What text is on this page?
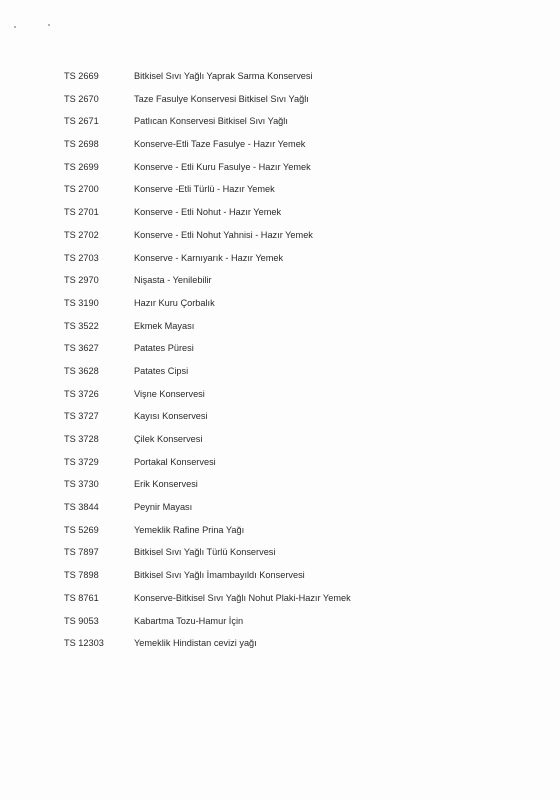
TS 2669	Bitkisel Sıvı Yağlı Yaprak Sarma Konservesi
TS 2670	Taze Fasulye Konservesi Bitkisel Sıvı Yağlı
TS 2671	Patlıcan Konservesi Bitkisel Sıvı Yağlı
TS 2698	Konserve-Etli Taze Fasulye - Hazır Yemek
TS 2699	Konserve - Etli Kuru Fasulye - Hazır Yemek
TS 2700	Konserve -Etli Türlü - Hazır Yemek
TS 2701	Konserve - Etli Nohut - Hazır Yemek
TS 2702	Konserve - Etli Nohut Yahnisi - Hazır Yemek
TS 2703	Konserve - Karnıyarık - Hazır Yemek
TS 2970	Nişasta - Yenilebilir
TS 3190	Hazır Kuru Çorbalık
TS 3522	Ekmek Mayası
TS 3627	Patates Püresi
TS 3628	Patates Cipsi
TS 3726	Vişne Konservesi
TS 3727	Kayısı Konservesi
TS 3728	Çilek Konservesi
TS 3729	Portakal Konservesi
TS 3730	Erik Konservesi
TS 3844	Peynir Mayası
TS 5269	Yemeklik Rafine Prina Yağı
TS 7897	Bitkisel Sıvı Yağlı Türlü Konservesi
TS 7898	Bitkisel Sıvı Yağlı İmambayıldı Konservesi
TS 8761	Konserve-Bitkisel Sıvı Yağlı Nohut Plaki-Hazır Yemek
TS 9053	Kabartma Tozu-Hamur İçin
TS 12303	Yemeklik Hindistan cevizi yağı
